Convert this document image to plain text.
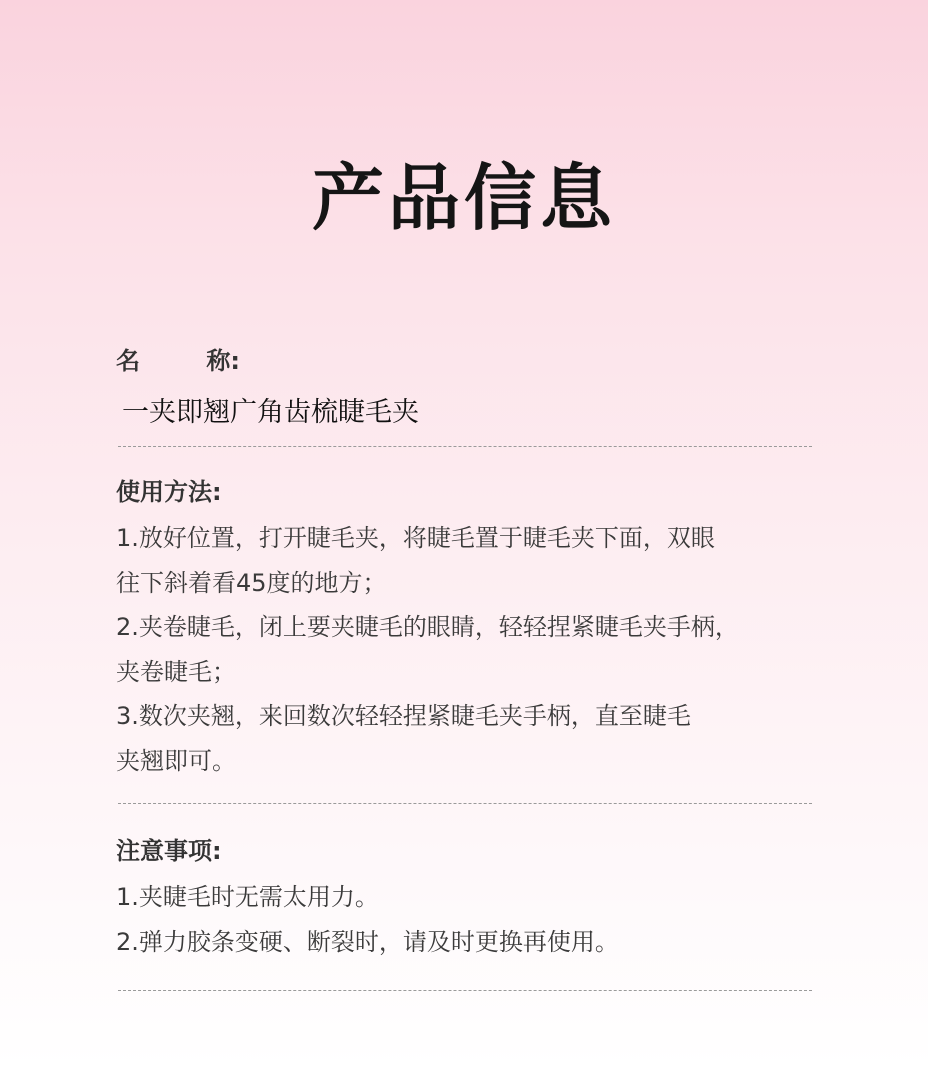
产品信息
名	称:
一夹即翘广角齿梳睫毛夹
使用方法:
1.放好位置，打开睫毛夹，将睫毛置于睫毛夹下面，双眼
往下斜着看45度的地方；
2.夹卷睫毛，闭上要夹睫毛的眼睛，轻轻捏紧睫毛夹手柄，
夹卷睫毛；
3.数次夹翘，来回数次轻轻捏紧睫毛夹手柄，直至睫毛
夹翘即可。
注意事项:
1.夹睫毛时无需太用力。
2.弹力胶条变硬、断裂时，请及时更换再使用。
